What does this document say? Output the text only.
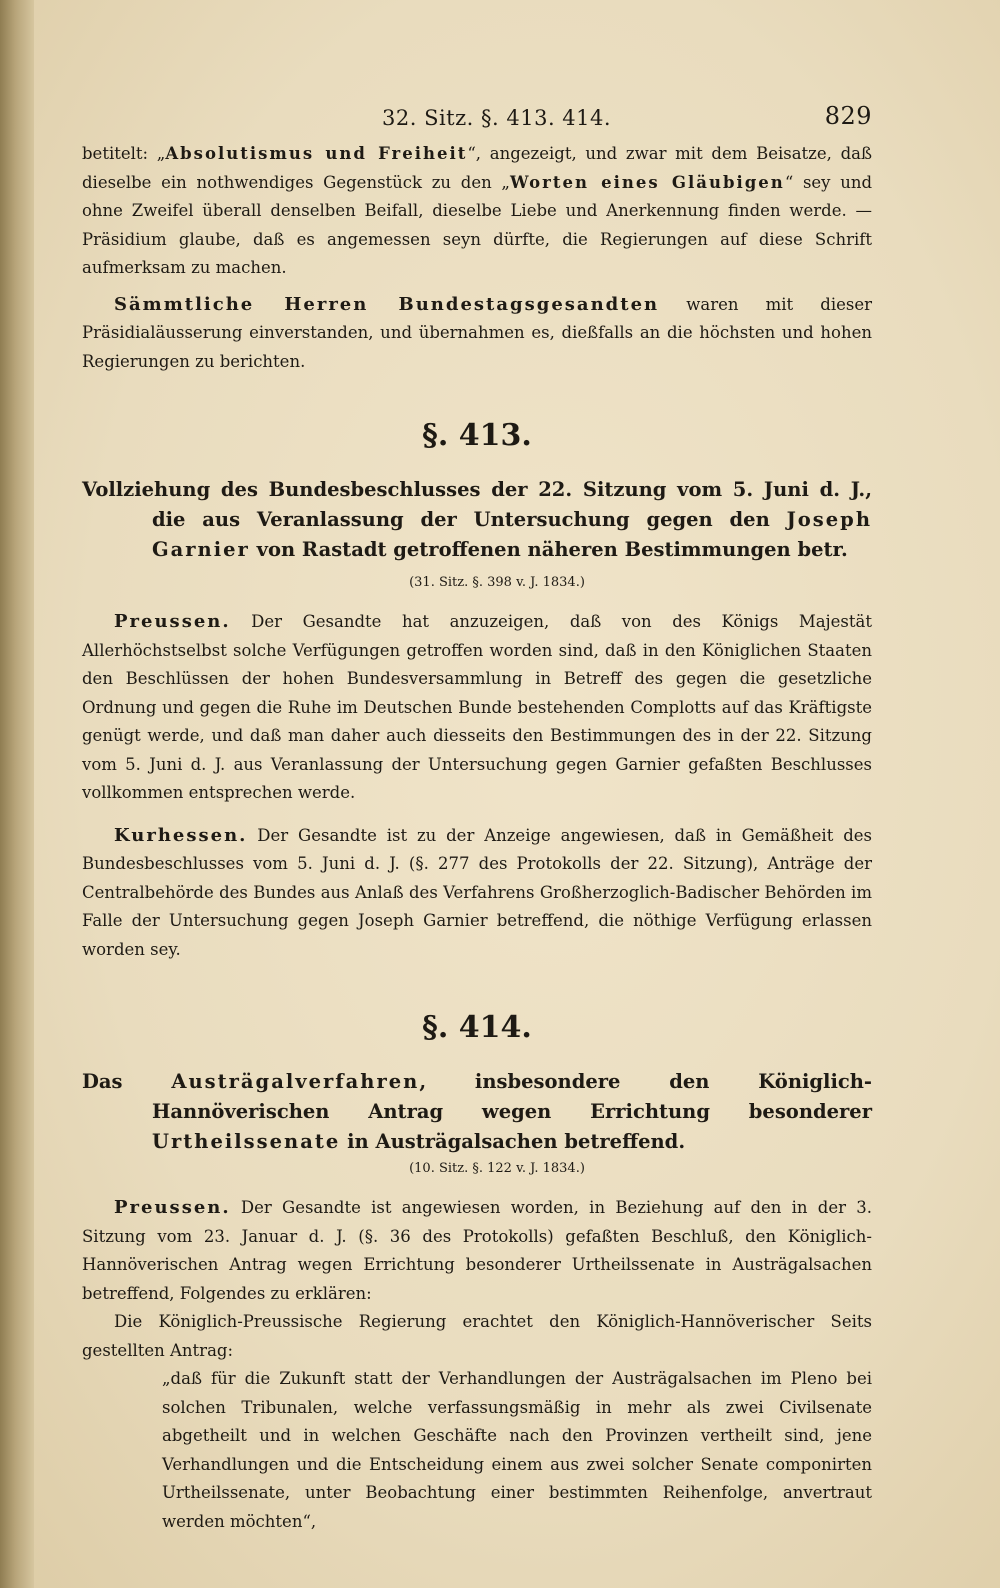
32. Sitz. §. 413. 414.	829

betitelt: „Absolutismus und Freiheit“, angezeigt, und zwar mit dem Beisatze, daß dieselbe ein nothwendiges Gegenstück zu den „Worten eines Gläubigen“ sey und ohne Zweifel überall denselben Beifall, dieselbe Liebe und Anerkennung finden werde. — Präsidium glaube, daß es angemessen seyn dürfte, die Regierungen auf diese Schrift aufmerksam zu machen.

Sämmtliche Herren Bundestagsgesandten waren mit dieser Präsidialäusserung einverstanden, und übernahmen es, dießfalls an die höchsten und hohen Regierungen zu berichten.

§. 413.
Vollziehung des Bundesbeschlusses der 22. Sitzung vom 5. Juni d. J., die aus Veranlassung der Untersuchung gegen den Joseph Garnier von Rastadt getroffenen näheren Bestimmungen betr.
(31. Sitz. §. 398 v. J. 1834.)

Preussen. Der Gesandte hat anzuzeigen, daß von des Königs Majestät Allerhöchstselbst solche Verfügungen getroffen worden sind, daß in den Königlichen Staaten den Beschlüssen der hohen Bundesversammlung in Betreff des gegen die gesetzliche Ordnung und gegen die Ruhe im Deutschen Bunde bestehenden Complotts auf das Kräftigste genügt werde, und daß man daher auch diesseits den Bestimmungen des in der 22. Sitzung vom 5. Juni d. J. aus Veranlassung der Untersuchung gegen Garnier gefaßten Beschlusses vollkommen entsprechen werde.

Kurhessen. Der Gesandte ist zu der Anzeige angewiesen, daß in Gemäßheit des Bundesbeschlusses vom 5. Juni d. J. (§. 277 des Protokolls der 22. Sitzung), Anträge der Centralbehörde des Bundes aus Anlaß des Verfahrens Großherzoglich-Badischer Behörden im Falle der Untersuchung gegen Joseph Garnier betreffend, die nöthige Verfügung erlassen worden sey.

§. 414.
Das Austrägalverfahren, insbesondere den Königlich-Hannöverischen Antrag wegen Errichtung besonderer Urtheilssenate in Austrägalsachen betreffend.
(10. Sitz. §. 122 v. J. 1834.)

Preussen. Der Gesandte ist angewiesen worden, in Beziehung auf den in der 3. Sitzung vom 23. Januar d. J. (§. 36 des Protokolls) gefaßten Beschluß, den Königlich-Hannöverischen Antrag wegen Errichtung besonderer Urtheilssenate in Austrägalsachen betreffend, Folgendes zu erklären:

Die Königlich-Preussische Regierung erachtet den Königlich-Hannöverischer Seits gestellten Antrag:

„daß für die Zukunft statt der Verhandlungen der Austrägalsachen im Pleno bei solchen Tribunalen, welche verfassungsmäßig in mehr als zwei Civilsenate abgetheilt und in welchen Geschäfte nach den Provinzen vertheilt sind, jene Verhandlungen und die Entscheidung einem aus zwei solcher Senate componirten Urtheilssenate, unter Beobachtung einer bestimmten Reihenfolge, anvertraut werden möchten“,
